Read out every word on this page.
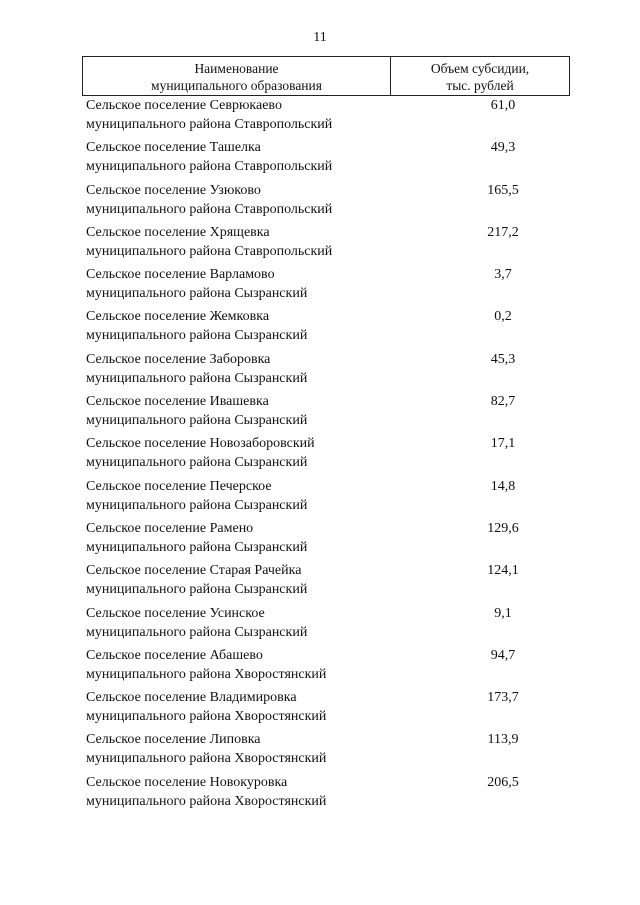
11
Наименование
муниципального образования
Объем субсидии,
тыс. рублей
Сельское поселение Севрюкаево
муниципального района Ставропольский
61,0
Сельское поселение Ташелка
муниципального района Ставропольский
49,3
Сельское поселение Узюково
муниципального района Ставропольский
165,5
Сельское поселение Хрящевка
муниципального района Ставропольский
217,2
Сельское поселение Варламово
муниципального района Сызранский
3,7
Сельское поселение Жемковка
муниципального района Сызранский
0,2
Сельское поселение Заборовка
муниципального района Сызранский
45,3
Сельское поселение Ивашевка
муниципального района Сызранский
82,7
Сельское поселение Новозаборовский
муниципального района Сызранский
17,1
Сельское поселение Печерское
муниципального района Сызранский
14,8
Сельское поселение Рамено
муниципального района Сызранский
129,6
Сельское поселение Старая Рачейка
муниципального района Сызранский
124,1
Сельское поселение Усинское
муниципального района Сызранский
9,1
Сельское поселение Абашево
муниципального района Хворостянский
94,7
Сельское поселение Владимировка
муниципального района Хворостянский
173,7
Сельское поселение Липовка
муниципального района Хворостянский
113,9
Сельское поселение Новокуровка
муниципального района Хворостянский
206,5
